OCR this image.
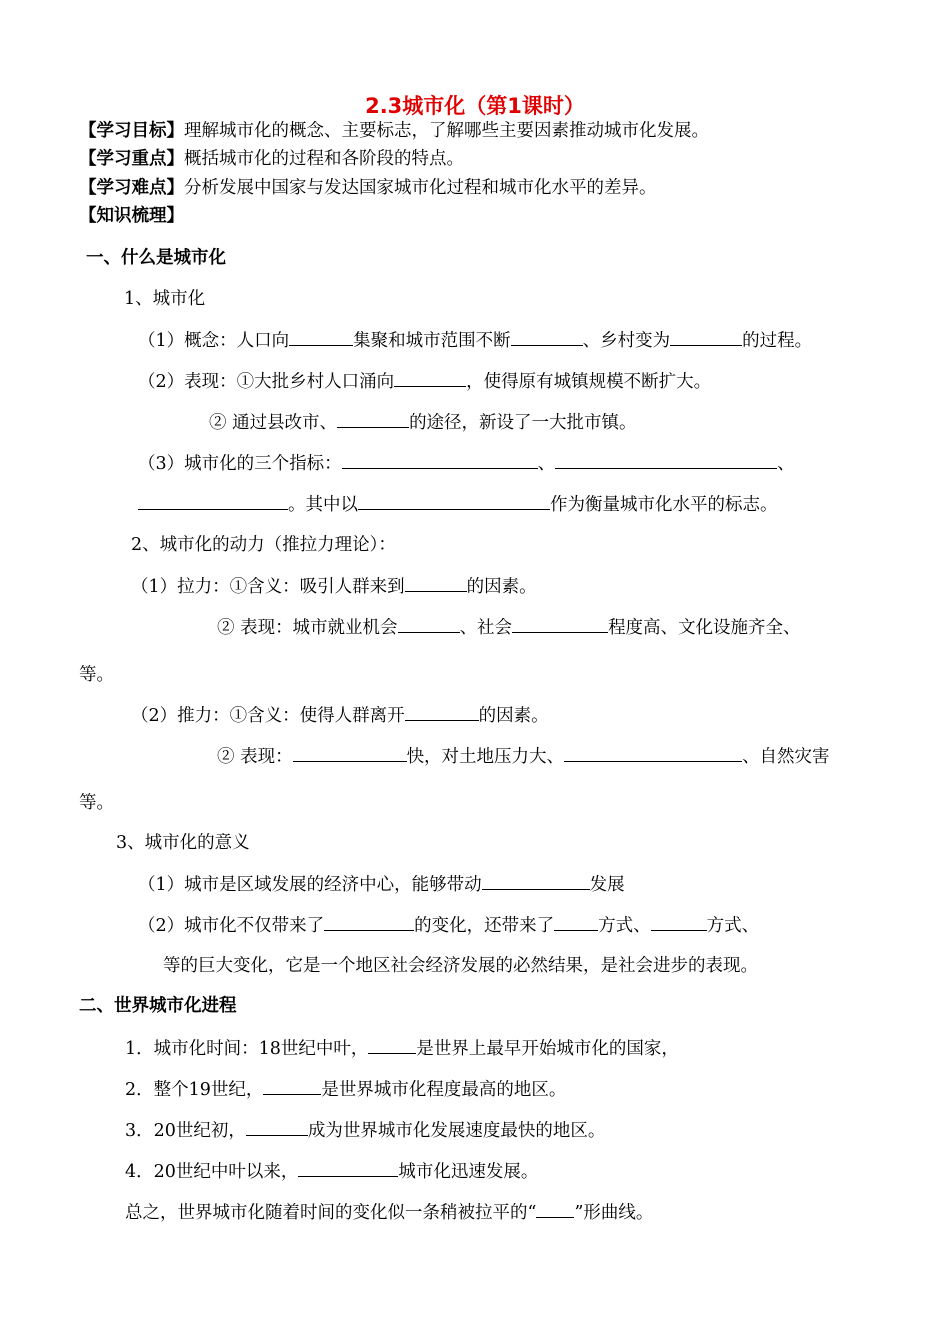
2.3城市化（第1课时）
【学习目标】理解城市化的概念、主要标志，了解哪些主要因素推动城市化发展。
【学习重点】概括城市化的过程和各阶段的特点。
【学习难点】分析发展中国家与发达国家城市化过程和城市化水平的差异。
【知识梳理】
一、什么是城市化
1、城市化
（1）概念：人口向	集聚和城市范围不断	、乡村变为	的过程。
（2）表现：①大批乡村人口涌向	，使得原有城镇规模不断扩大。
② 通过县改市、	的途径，新设了一大批市镇。
（3）城市化的三个指标：	、	、
。其中以	作为衡量城市化水平的标志。
2、城市化的动力（推拉力理论）：
（1）拉力：①含义：吸引人群来到	的因素。
② 表现：城市就业机会	、社会	程度高、文化设施齐全、
等。
（2）推力：①含义：使得人群离开	的因素。
② 表现：	快，对土地压力大、	、自然灾害
等。
3、城市化的意义
（1）城市是区域发展的经济中心，能够带动	发展
（2）城市化不仅带来了	的变化，还带来了	方式、	方式、
等的巨大变化，它是一个地区社会经济发展的必然结果，是社会进步的表现。
二、世界城市化进程
1．城市化时间：18世纪中叶，	是世界上最早开始城市化的国家，
2．整个19世纪，	是世界城市化程度最高的地区。
3．20世纪初，	成为世界城市化发展速度最快的地区。
4．20世纪中叶以来，	城市化迅速发展。
总之，世界城市化随着时间的变化似一条稍被拉平的“ ”形曲线。
